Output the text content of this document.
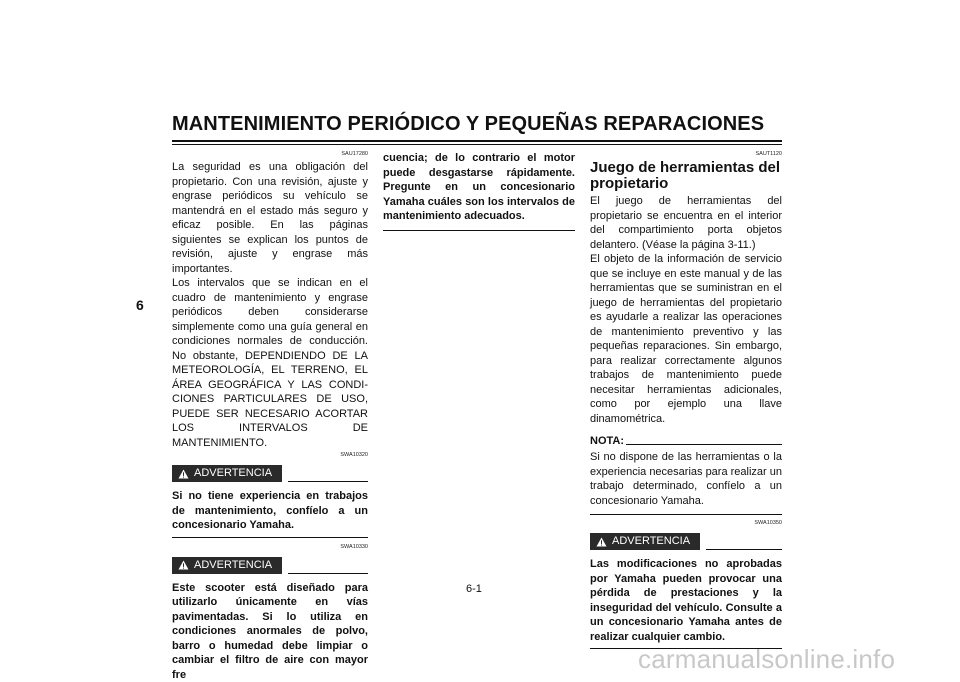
MANTENIMIENTO PERIÓDICO Y PEQUEÑAS REPARACIONES
6

SAU17280

La seguridad es una obligación del propietario. Con una revisión, ajuste y engrase periódicos su vehículo se mantendrá en el estado más seguro y eficaz posible. En las páginas siguientes se explican los puntos de revisión, ajuste y engrase más importantes.

Los intervalos que se indican en el cuadro de mantenimiento y engrase periódicos deben considerarse simplemente como una guía general en condiciones normales de conducción. No obstante, DEPENDIENDO DE LA METEOROLOGÍA, EL TERRENO, EL ÁREA GEOGRÁFICA Y LAS CONDICIONES PARTICULARES DE USO, PUEDE SER NECESARIO ACORTAR LOS INTERVALOS DE MANTENIMIENTO.

SWA10320

ADVERTENCIA

Si no tiene experiencia en trabajos de mantenimiento, confíelo a un concesionario Yamaha.

SWA10330

ADVERTENCIA

Este scooter está diseñado para utilizarlo únicamente en vías pavimentadas. Si lo utiliza en condiciones anormales de polvo, barro o humedad debe limpiar o cambiar el filtro de aire con mayor fre

cuencia; de lo contrario el motor puede desgastarse rápidamente. Pregunte en un concesionario Yamaha cuáles son los intervalos de mantenimiento adecuados.

SAUT1120

Juego de herramientas del propietario

El juego de herramientas del propietario se encuentra en el interior del compartimiento porta objetos delantero. (Véase la página 3-11.)

El objeto de la información de servicio que se incluye en este manual y de las herramientas que se suministran en el juego de herramientas del propietario es ayudarle a realizar las operaciones de mantenimiento preventivo y las pequeñas reparaciones. Sin embargo, para realizar correctamente algunos trabajos de mantenimiento puede necesitar herramientas adicionales, como por ejemplo una llave dinamométrica.

NOTA:

Si no dispone de las herramientas o la experiencia necesarias para realizar un trabajo determinado, confíelo a un concesionario Yamaha.

SWA10350

ADVERTENCIA

Las modificaciones no aprobadas por Yamaha pueden provocar una pérdida de prestaciones y la inseguridad del vehículo. Consulte a un concesionario Yamaha antes de realizar cualquier cambio.

6-1
carmanualsonline.info
